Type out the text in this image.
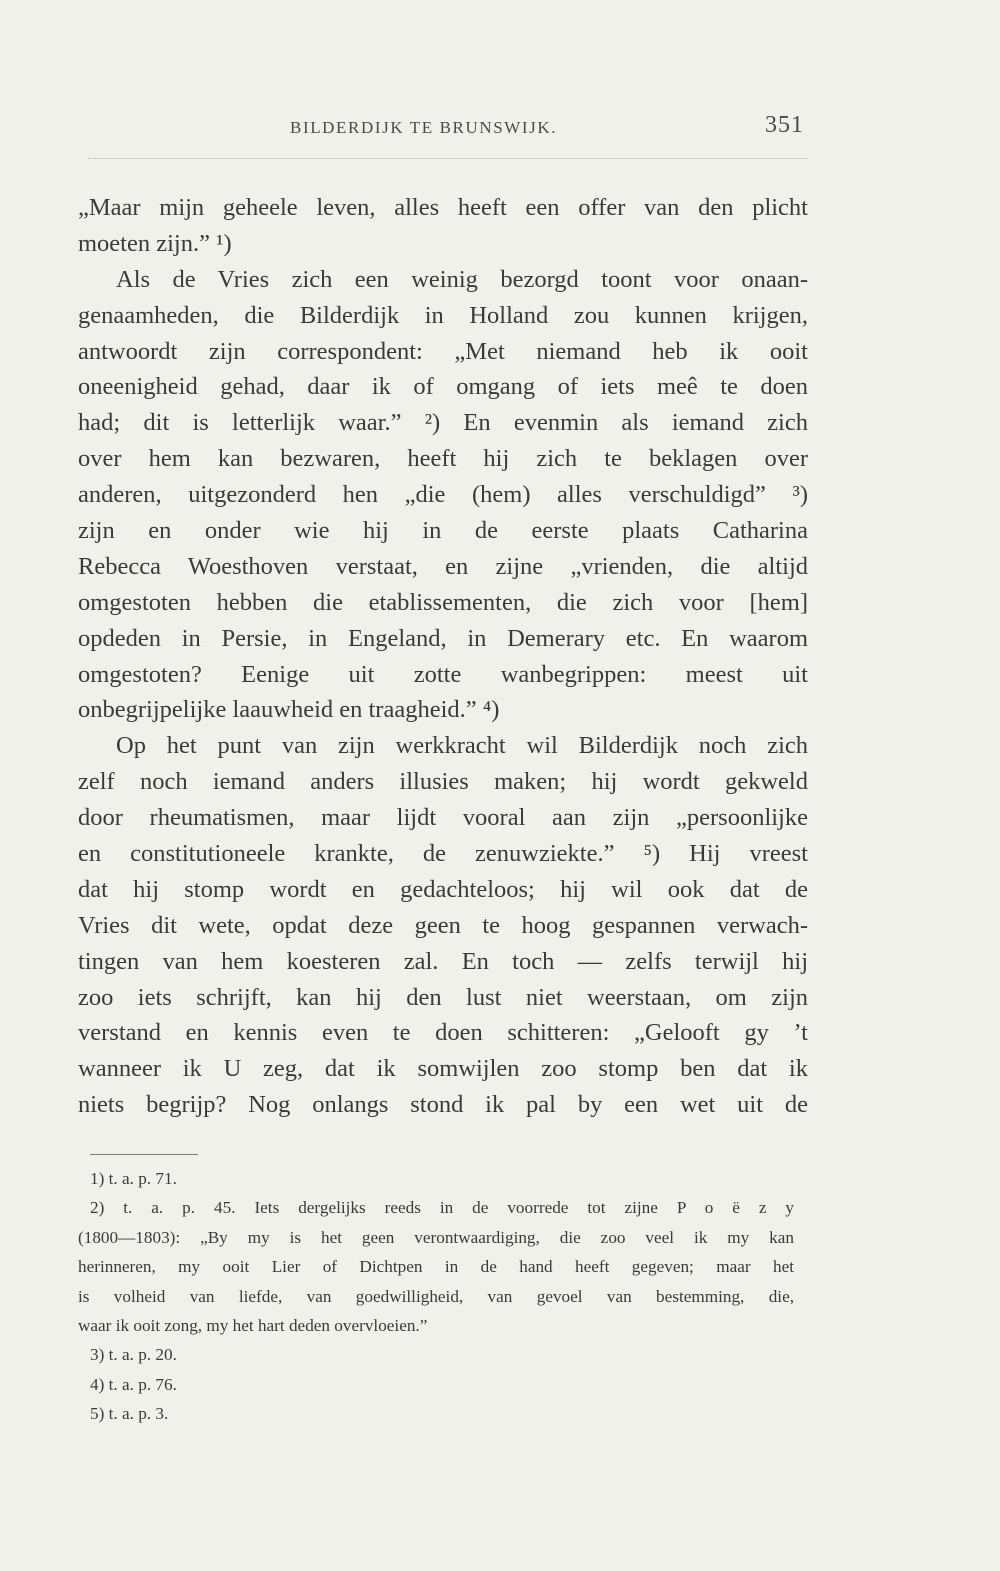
BILDERDIJK TE BRUNSWIJK.	351
„Maar mijn geheele leven, alles heeft een offer van den plicht
moeten zijn.” ¹)
Als de Vries zich een weinig bezorgd toont voor onaan-
genaamheden, die Bilderdijk in Holland zou kunnen krijgen,
antwoordt zijn correspondent: „Met niemand heb ik ooit
oneenigheid gehad, daar ik of omgang of iets meê te doen
had; dit is letterlijk waar.” ²) En evenmin als iemand zich
over hem kan bezwaren, heeft hij zich te beklagen over
anderen, uitgezonderd hen „die (hem) alles verschuldigd” ³)
zijn en onder wie hij in de eerste plaats Catharina
Rebecca Woesthoven verstaat, en zijne „vrienden, die altijd
omgestoten hebben die etablissementen, die zich voor [hem]
opdeden in Persie, in Engeland, in Demerary etc. En waarom
omgestoten? Eenige uit zotte wanbegrippen: meest uit
onbegrijpelijke laauwheid en traagheid.” ⁴)
Op het punt van zijn werkkracht wil Bilderdijk noch zich
zelf noch iemand anders illusies maken; hij wordt gekweld
door rheumatismen, maar lijdt vooral aan zijn „persoonlijke
en constitutioneele krankte, de zenuwziekte.” ⁵) Hij vreest
dat hij stomp wordt en gedachteloos; hij wil ook dat de
Vries dit wete, opdat deze geen te hoog gespannen verwach-
tingen van hem koesteren zal. En toch — zelfs terwijl hij
zoo iets schrijft, kan hij den lust niet weerstaan, om zijn
verstand en kennis even te doen schitteren: „Gelooft gy ’t
wanneer ik U zeg, dat ik somwijlen zoo stomp ben dat ik
niets begrijp? Nog onlangs stond ik pal by een wet uit de
1) t. a. p. 71.
2) t. a. p. 45. Iets dergelijks reeds in de voorrede tot zijne P o ë z y
(1800—1803): „By my is het geen verontwaardiging, die zoo veel ik my kan
herinneren, my ooit Lier of Dichtpen in de hand heeft gegeven; maar het
is volheid van liefde, van goedwilligheid, van gevoel van bestemming, die,
waar ik ooit zong, my het hart deden overvloeien.”
3) t. a. p. 20.
4) t. a. p. 76.
5) t. a. p. 3.
